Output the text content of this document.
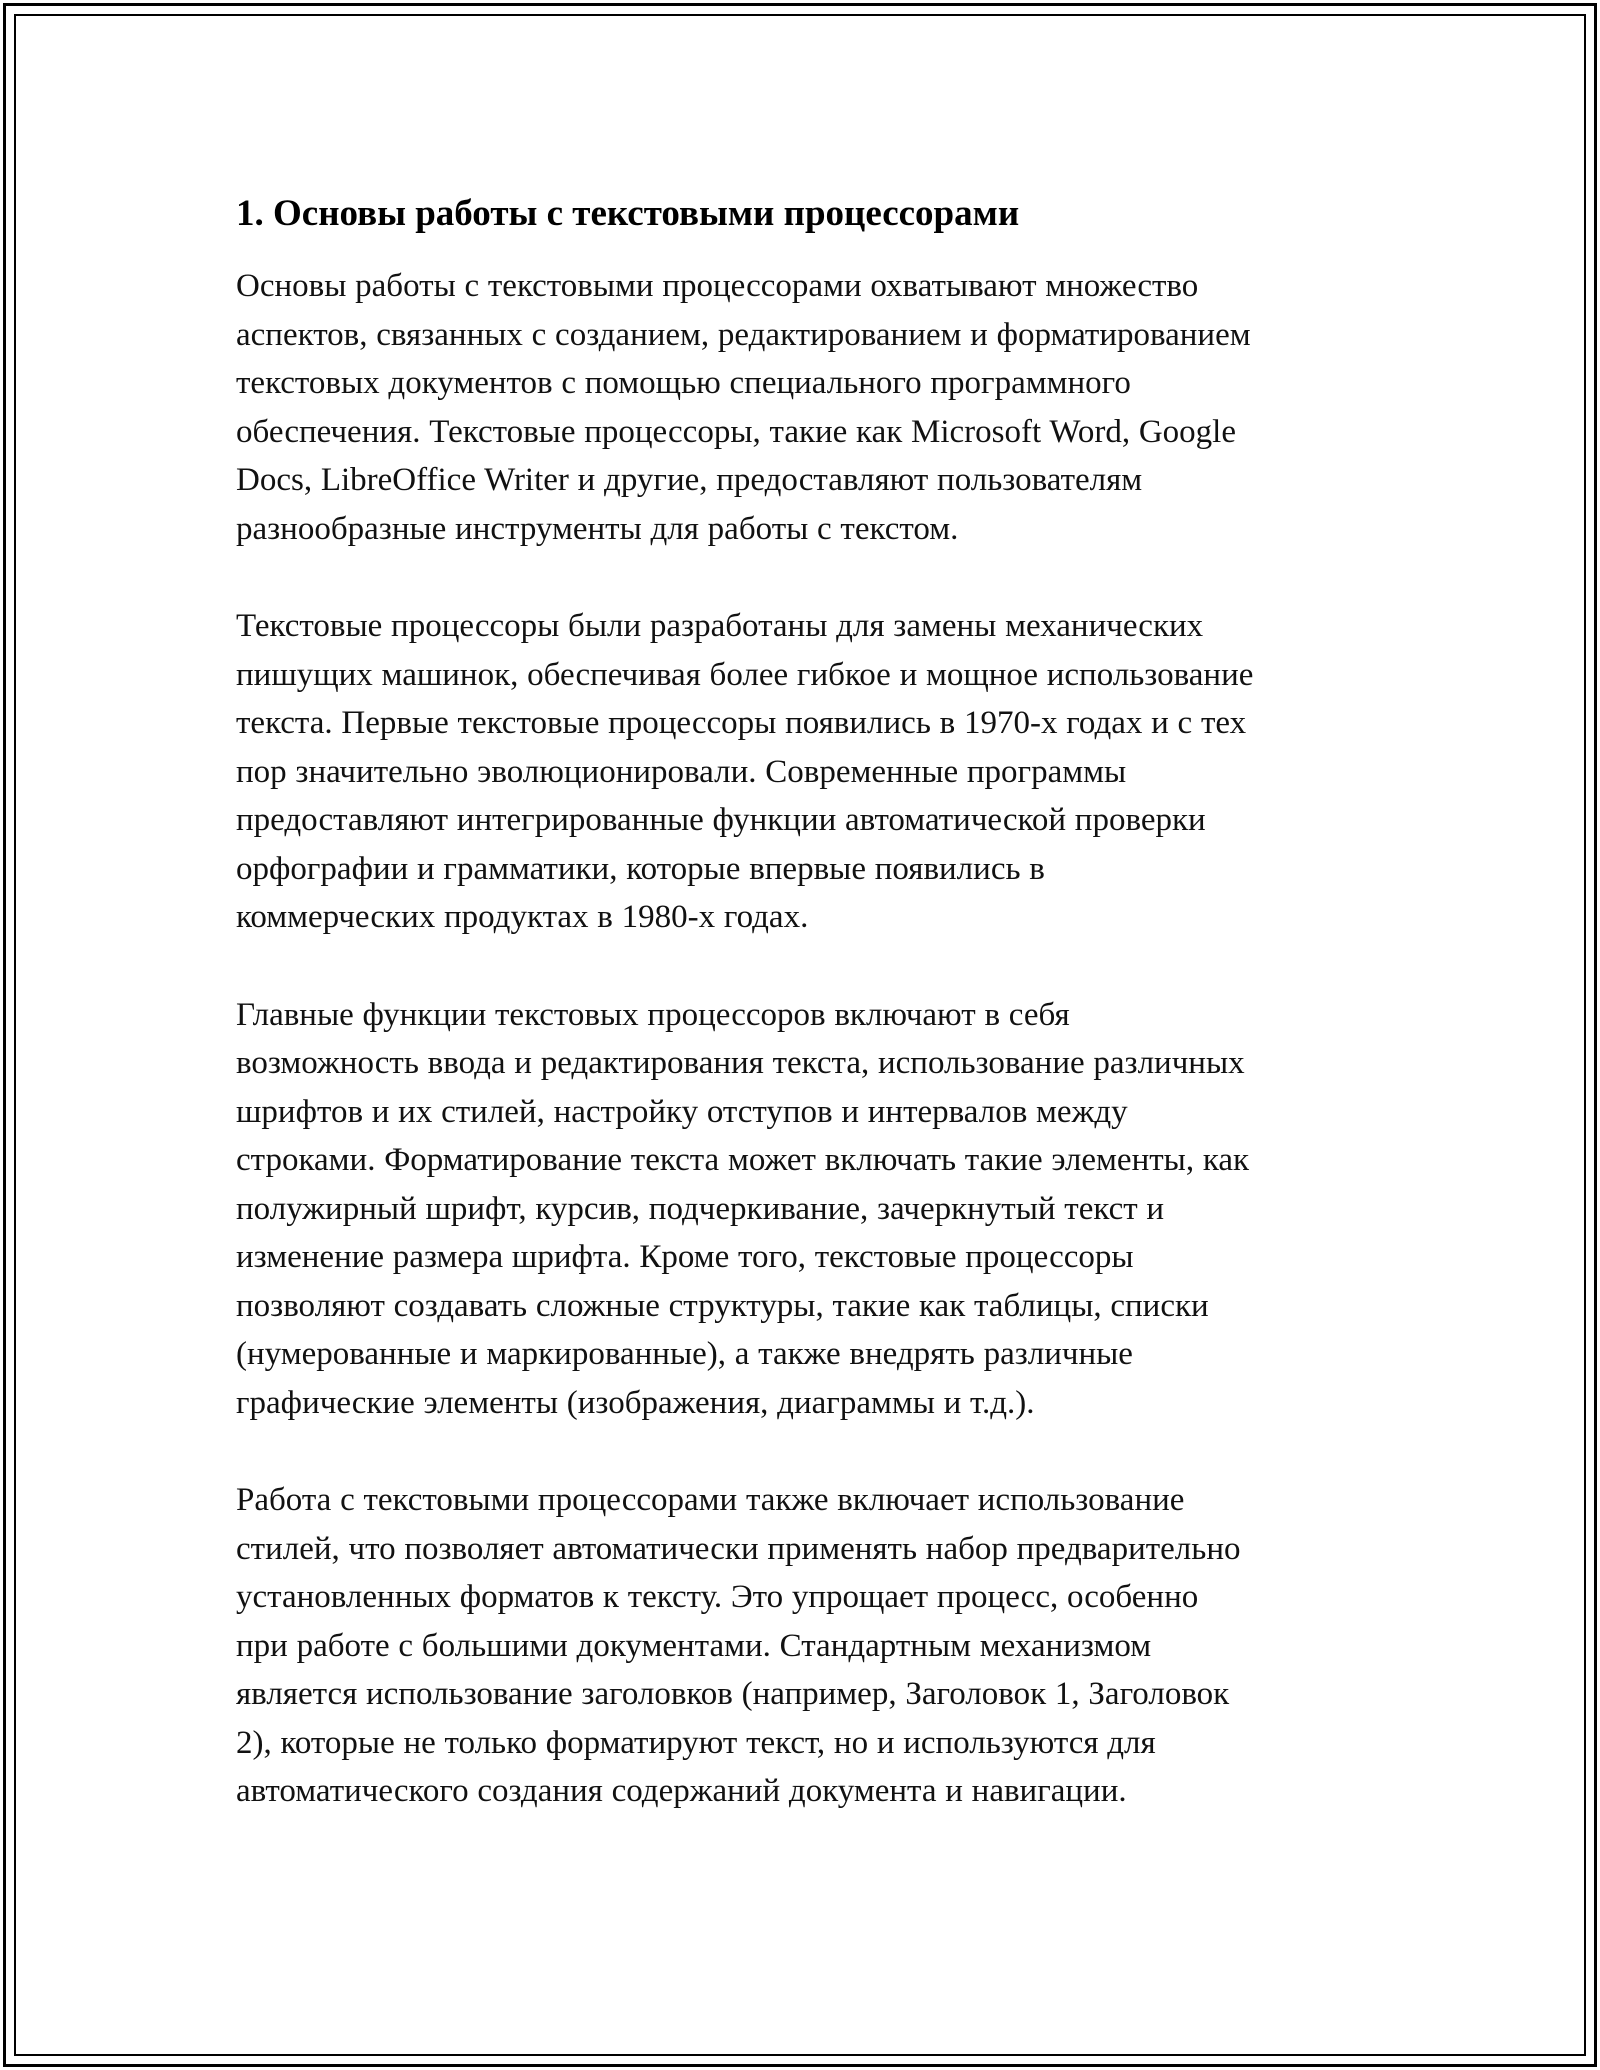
1. Основы работы с текстовыми процессорами

Основы работы с текстовыми процессорами охватывают множество
аспектов, связанных с созданием, редактированием и форматированием
текстовых документов с помощью специального программного
обеспечения. Текстовые процессоры, такие как Microsoft Word, Google
Docs, LibreOffice Writer и другие, предоставляют пользователям
разнообразные инструменты для работы с текстом.

Текстовые процессоры были разработаны для замены механических
пишущих машинок, обеспечивая более гибкое и мощное использование
текста. Первые текстовые процессоры появились в 1970-х годах и с тех
пор значительно эволюционировали. Современные программы
предоставляют интегрированные функции автоматической проверки
орфографии и грамматики, которые впервые появились в
коммерческих продуктах в 1980-х годах.

Главные функции текстовых процессоров включают в себя
возможность ввода и редактирования текста, использование различных
шрифтов и их стилей, настройку отступов и интервалов между
строками. Форматирование текста может включать такие элементы, как
полужирный шрифт, курсив, подчеркивание, зачеркнутый текст и
изменение размера шрифта. Кроме того, текстовые процессоры
позволяют создавать сложные структуры, такие как таблицы, списки
(нумерованные и маркированные), а также внедрять различные
графические элементы (изображения, диаграммы и т.д.).

Работа с текстовыми процессорами также включает использование
стилей, что позволяет автоматически применять набор предварительно
установленных форматов к тексту. Это упрощает процесс, особенно
при работе с большими документами. Стандартным механизмом
является использование заголовков (например, Заголовок 1, Заголовок
2), которые не только форматируют текст, но и используются для
автоматического создания содержаний документа и навигации.
